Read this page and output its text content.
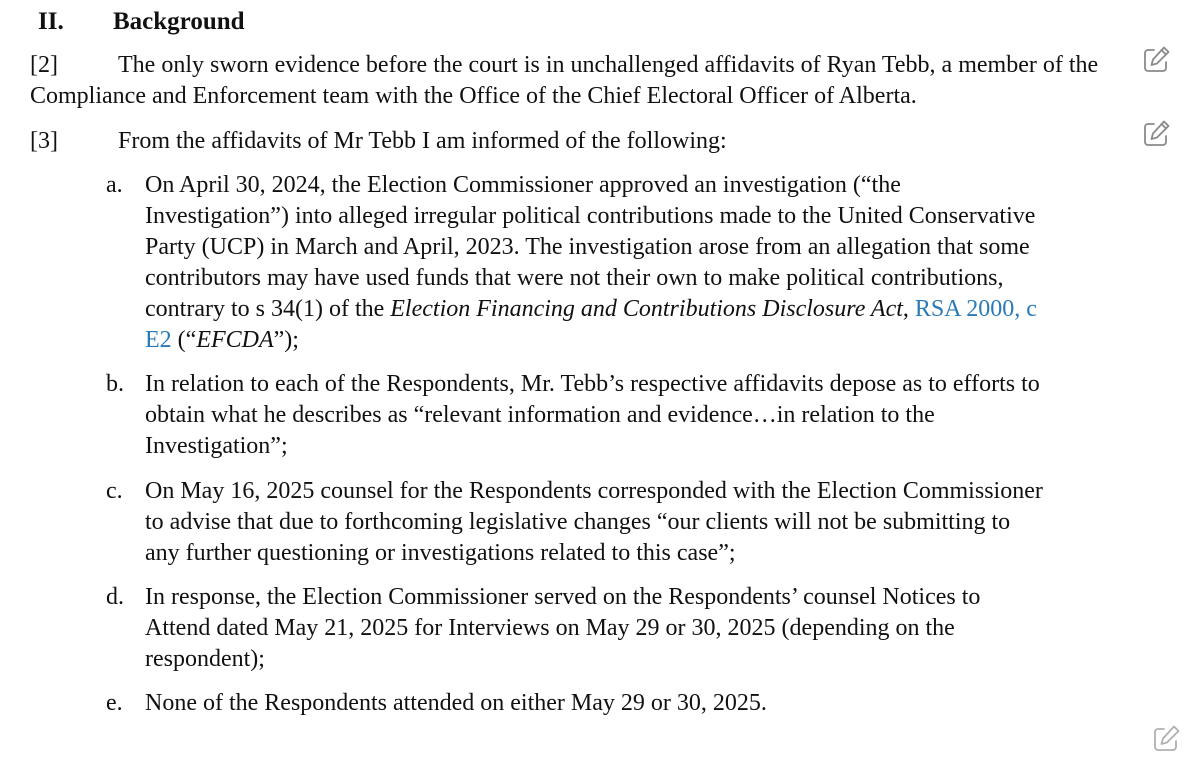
II. Background
[2]	The only sworn evidence before the court is in unchallenged affidavits of Ryan Tebb, a member of the Compliance and Enforcement team with the Office of the Chief Electoral Officer of Alberta.
[3]	From the affidavits of Mr Tebb I am informed of the following:
a. On April 30, 2024, the Election Commissioner approved an investigation (“the Investigation”) into alleged irregular political contributions made to the United Conservative Party (UCP) in March and April, 2023. The investigation arose from an allegation that some contributors may have used funds that were not their own to make political contributions, contrary to s 34(1) of the Election Financing and Contributions Disclosure Act, RSA 2000, c E2 (“EFCDA”);
b. In relation to each of the Respondents, Mr. Tebb’s respective affidavits depose as to efforts to obtain what he describes as “relevant information and evidence…in relation to the Investigation”;
c. On May 16, 2025 counsel for the Respondents corresponded with the Election Commissioner to advise that due to forthcoming legislative changes “our clients will not be submitting to any further questioning or investigations related to this case”;
d. In response, the Election Commissioner served on the Respondents’ counsel Notices to Attend dated May 21, 2025 for Interviews on May 29 or 30, 2025 (depending on the respondent);
e. None of the Respondents attended on either May 29 or 30, 2025.
